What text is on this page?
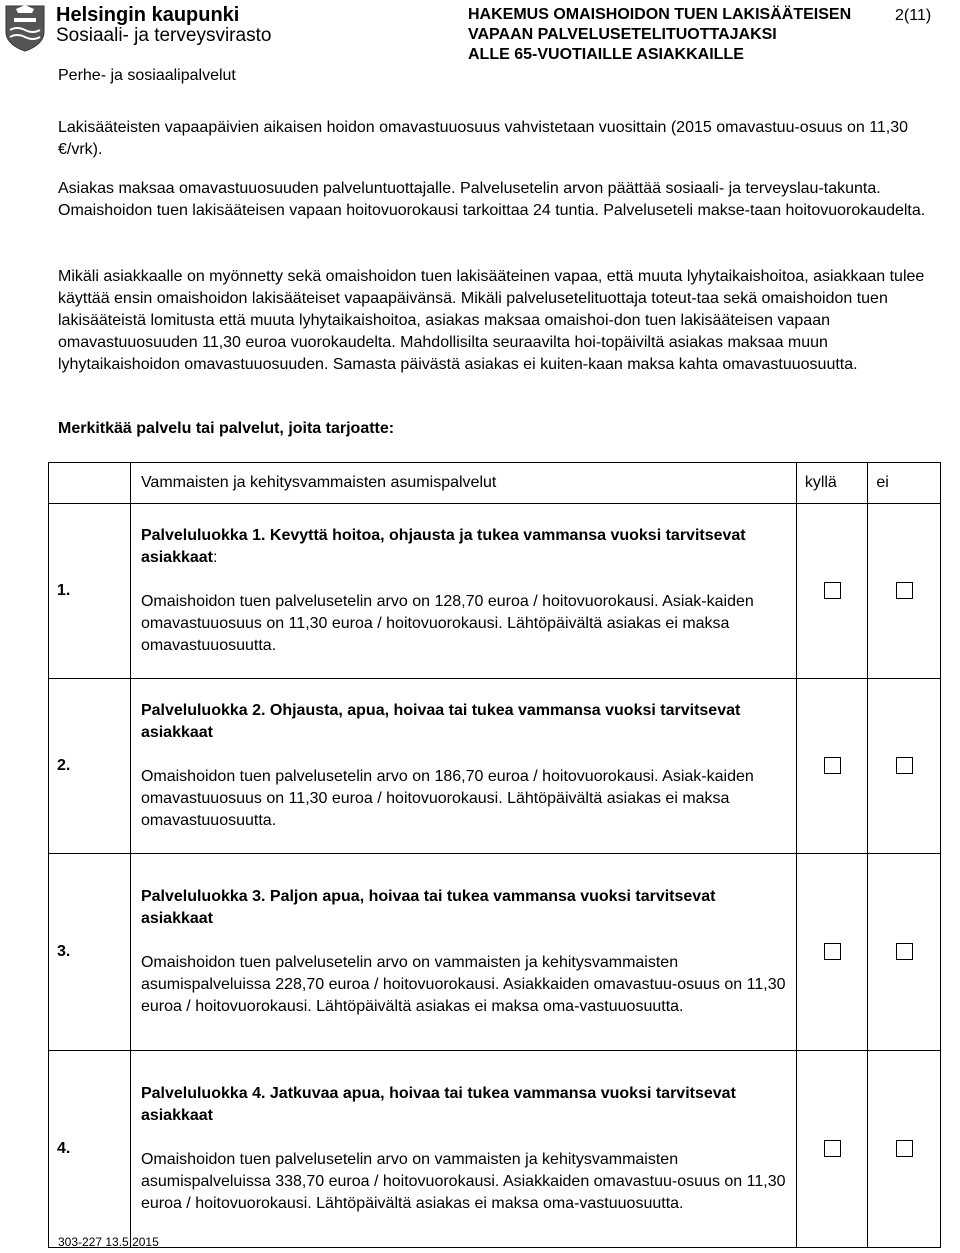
Helsingin kaupunki
Sosiaali- ja terveysvirasto
Perhe- ja sosiaalipalvelut
HAKEMUS OMAISHOIDON TUEN LAKISÄÄTEISEN
VAPAAN PALVELUSETELITUOTTAJAKSI
ALLE 65-VUOTIAILLE ASIAKKAILLE
2(11)

Lakisääteisten vapaapäivien aikaisen hoidon omavastuuosuus vahvistetaan vuosittain (2015 omavastuu-osuus on 11,30 €/vrk).

Asiakas maksaa omavastuuosuuden palveluntuottajalle. Palvelusetelin arvon päättää sosiaali- ja terveyslau-takunta. Omaishoidon tuen lakisääteisen vapaan hoitovuorokausi tarkoittaa 24 tuntia. Palveluseteli makse-taan hoitovuorokaudelta.

Mikäli asiakkaalle on myönnetty sekä omaishoidon tuen lakisääteinen vapaa, että muuta lyhytaikaishoitoa, asiakkaan tulee käyttää ensin omaishoidon lakisääteiset vapaapäivänsä. Mikäli palvelusetelituottaja toteut-taa sekä omaishoidon tuen lakisääteistä lomitusta että muuta lyhytaikaishoitoa, asiakas maksaa omaishoi-don tuen lakisääteisen vapaan omavastuuosuuden 11,30 euroa vuorokaudelta. Mahdollisilta seuraavilta hoi-topäiviltä asiakas maksaa muun lyhytaikaishoidon omavastuuosuuden. Samasta päivästä asiakas ei kuiten-kaan maksa kahta omavastuuosuutta.

Merkitkää palvelu tai palvelut, joita tarjoatte:
	Vammaisten ja kehitysvammaisten asumispalvelut	kyllä	ei
1.	Palveluluokka 1. Kevyttä hoitoa, ohjausta ja tukea vammansa vuoksi tarvitsevat asiakkaat:
Omaishoidon tuen palvelusetelin arvo on 128,70 euroa / hoitovuorokausi. Asiak-kaiden omavastuuosuus on 11,30 euroa / hoitovuorokausi. Lähtöpäivältä asiakas ei maksa omavastuuosuutta.		

2.	Palveluluokka 2. Ohjausta, apua, hoivaa tai tukea vammansa vuoksi tarvitsevat asiakkaat
Omaishoidon tuen palvelusetelin arvo on 186,70 euroa / hoitovuorokausi. Asiak-kaiden omavastuuosuus on 11,30 euroa / hoitovuorokausi. Lähtöpäivältä asiakas ei maksa omavastuuosuutta.		

3.	Palveluluokka 3. Paljon apua, hoivaa tai tukea vammansa vuoksi tarvitsevat asiakkaat
Omaishoidon tuen palvelusetelin arvo on vammaisten ja kehitysvammaisten asumispalveluissa 228,70 euroa / hoitovuorokausi. Asiakkaiden omavastuu-osuus on 11,30 euroa / hoitovuorokausi. Lähtöpäivältä asiakas ei maksa oma-vastuuosuutta.		

4.	Palveluluokka 4. Jatkuvaa apua, hoivaa tai tukea vammansa vuoksi tarvitsevat asiakkaat
Omaishoidon tuen palvelusetelin arvo on vammaisten ja kehitysvammaisten asumispalveluissa 338,70 euroa / hoitovuorokausi. Asiakkaiden omavastuu-osuus on 11,30 euroa / hoitovuorokausi. Lähtöpäivältä asiakas ei maksa oma-vastuuosuutta.		

303-227 13.5.2015
